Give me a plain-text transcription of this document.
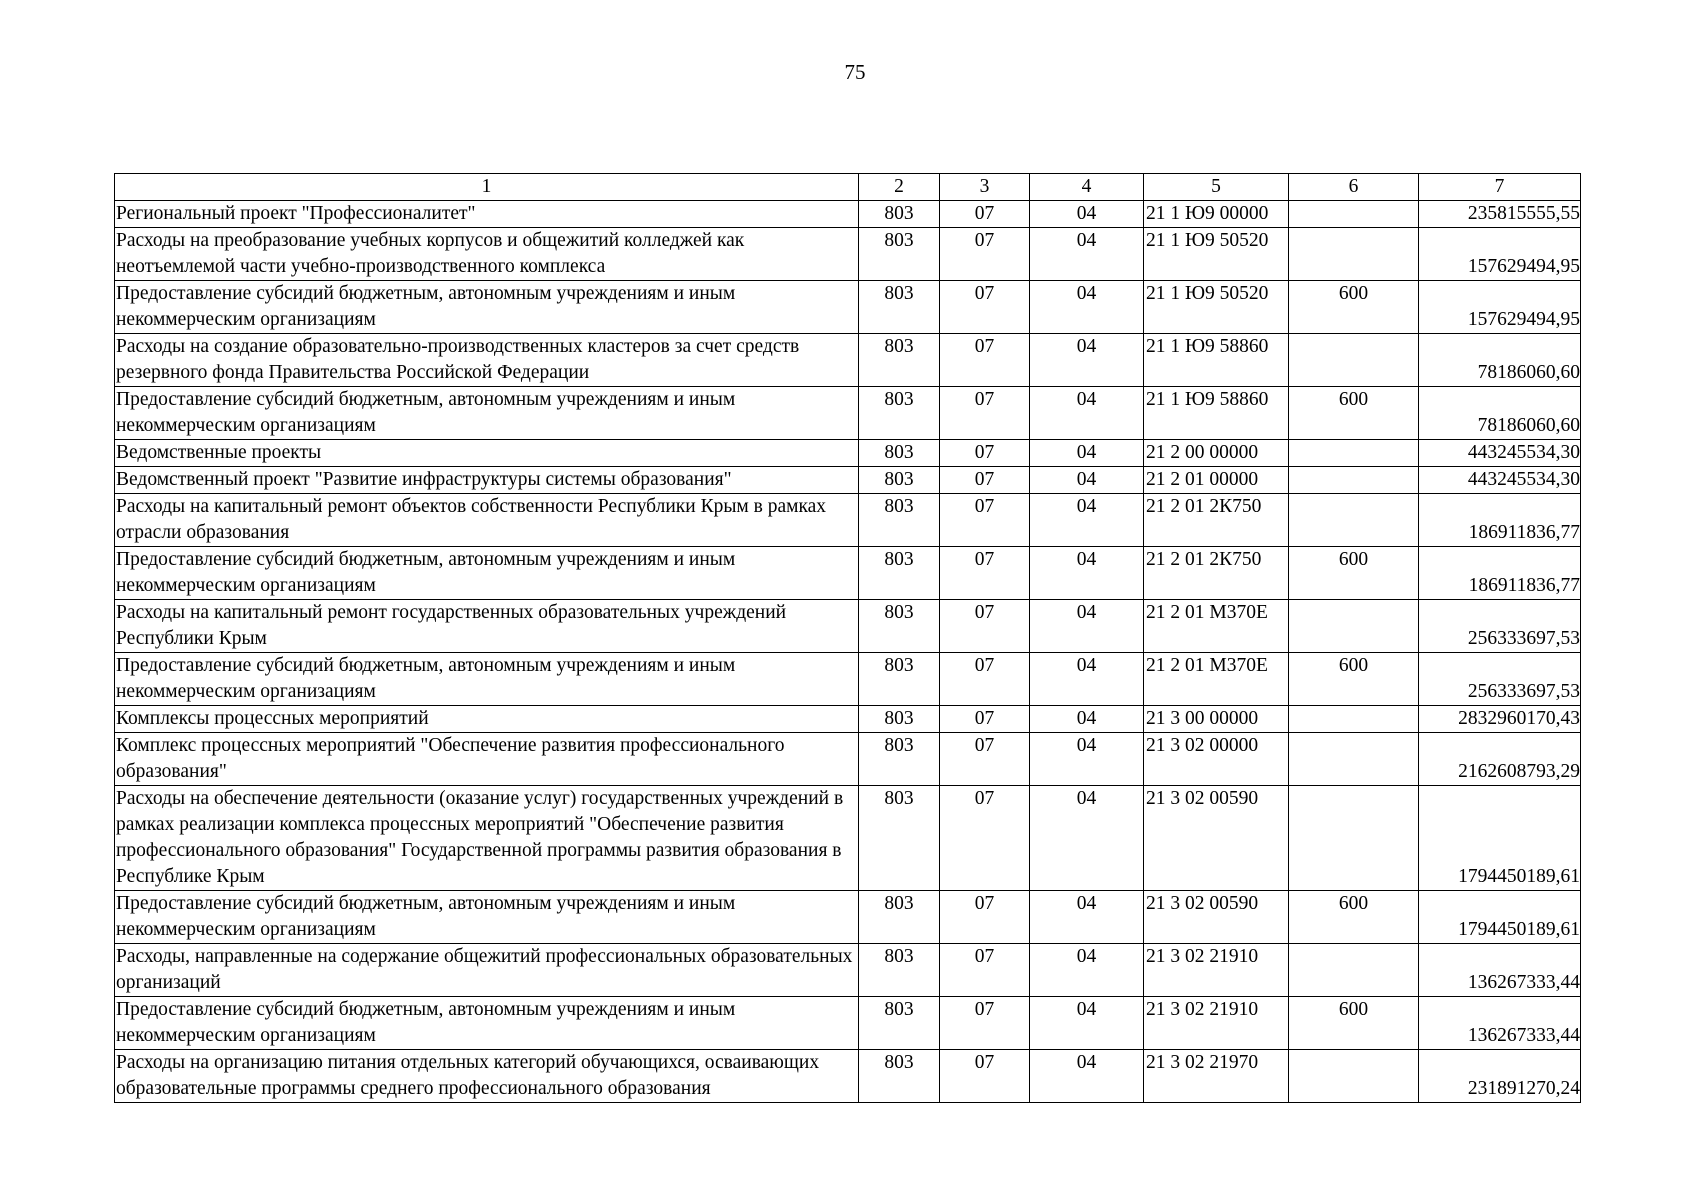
75
1	2	3	4	5	6	7
Региональный проект "Профессионалитет"	803	07	04	21 1 Ю9 00000		235815555,55
Расходы на преобразование учебных корпусов и общежитий колледжей как неотъемлемой части учебно-производственного комплекса	803	07	04	21 1 Ю9 50520		157629494,95
Предоставление субсидий бюджетным, автономным учреждениям и иным некоммерческим организациям	803	07	04	21 1 Ю9 50520	600	157629494,95
Расходы на создание образовательно-производственных кластеров за счет средств резервного фонда Правительства Российской Федерации	803	07	04	21 1 Ю9 58860		78186060,60
Предоставление субсидий бюджетным, автономным учреждениям и иным некоммерческим организациям	803	07	04	21 1 Ю9 58860	600	78186060,60
Ведомственные проекты	803	07	04	21 2 00 00000		443245534,30
Ведомственный проект "Развитие инфраструктуры системы образования"	803	07	04	21 2 01 00000		443245534,30
Расходы на капитальный ремонт объектов собственности Республики Крым в рамках отрасли образования	803	07	04	21 2 01 2К750		186911836,77
Предоставление субсидий бюджетным, автономным учреждениям и иным некоммерческим организациям	803	07	04	21 2 01 2К750	600	186911836,77
Расходы на капитальный ремонт государственных образовательных учреждений Республики Крым	803	07	04	21 2 01 М370Е		256333697,53
Предоставление субсидий бюджетным, автономным учреждениям и иным некоммерческим организациям	803	07	04	21 2 01 М370Е	600	256333697,53
Комплексы процессных мероприятий	803	07	04	21 3 00 00000		2832960170,43
Комплекс процессных мероприятий "Обеспечение развития профессионального образования"	803	07	04	21 3 02 00000		2162608793,29
Расходы на обеспечение деятельности (оказание услуг) государственных учреждений в рамках реализации комплекса процессных мероприятий "Обеспечение развития профессионального образования" Государственной программы развития образования в Республике Крым	803	07	04	21 3 02 00590		1794450189,61
Предоставление субсидий бюджетным, автономным учреждениям и иным некоммерческим организациям	803	07	04	21 3 02 00590	600	1794450189,61
Расходы, направленные на содержание общежитий профессиональных образовательных организаций	803	07	04	21 3 02 21910		136267333,44
Предоставление субсидий бюджетным, автономным учреждениям и иным некоммерческим организациям	803	07	04	21 3 02 21910	600	136267333,44
Расходы на организацию питания отдельных категорий обучающихся, осваивающих образовательные программы среднего профессионального образования	803	07	04	21 3 02 21970		231891270,24
